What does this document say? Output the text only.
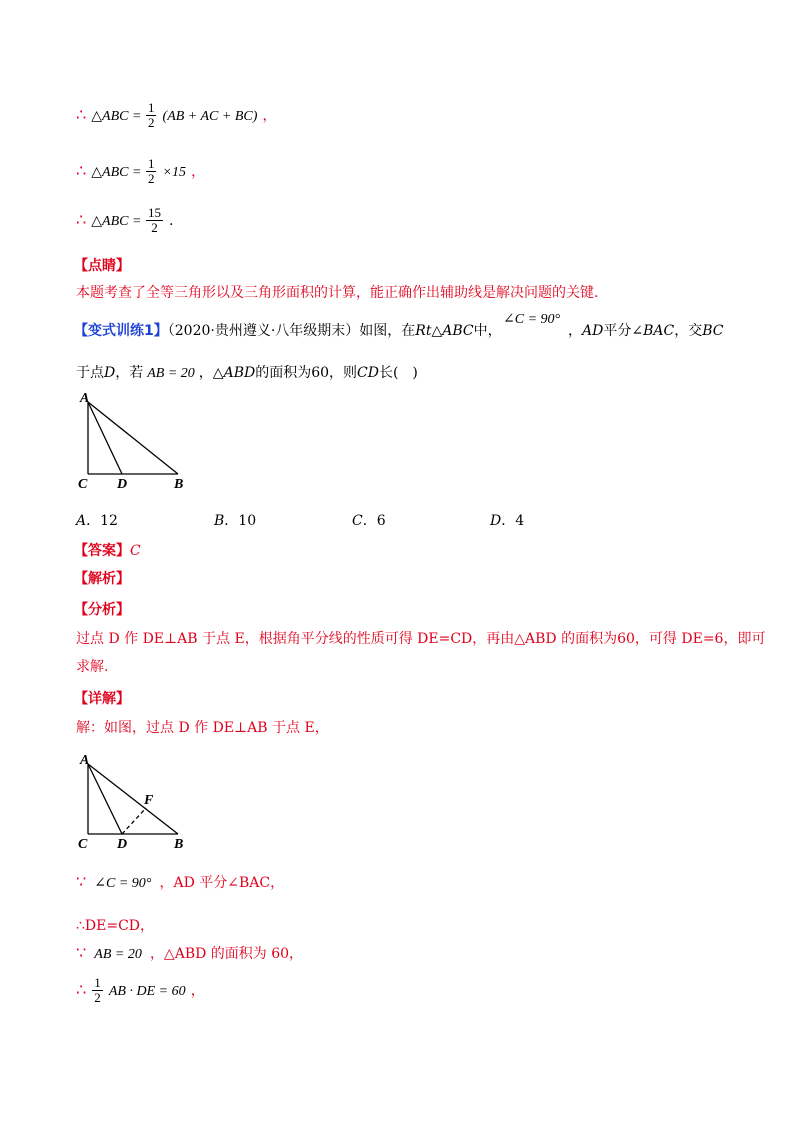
∴ △ABC = $\frac{1}{2} (AB$ + AC + BC) ，
∴ △ABC = $\frac{1}{2} \times 15$ ，
∴ △ABC = $\frac{15}{2}$ .
【点睛】
本题考查了全等三角形以及三角形面积的计算，能正确作出辅助线是解决问题的关键.
【变式训练1】（2020·贵州遵义·八年级期末）如图，在Rt△ABC中，
∠C = 90°
，AD平分∠BAC，交BC
于点D，若 AB = 20 ，△ABD的面积为60，则CD长(　)
A
C D	B
A．12	B．10	C．6	D．4
【答案】C
【解析】
【分析】
过点 D 作 DE⊥AB 于点 E，根据角平分线的性质可得 DE=CD，再由△ABD 的面积为60，可得 DE=6，即可
求解.
【详解】
解：如图，过点 D 作 DE⊥AB 于点 E，
A
F
C D	B
∵ ∠C = 90° ，AD 平分∠BAC，
∴DE=CD，
∵ AB = 20 ，△ABD 的面积为 60，
∴ $\frac{1}{2}$ AB · DE = 60 ，
